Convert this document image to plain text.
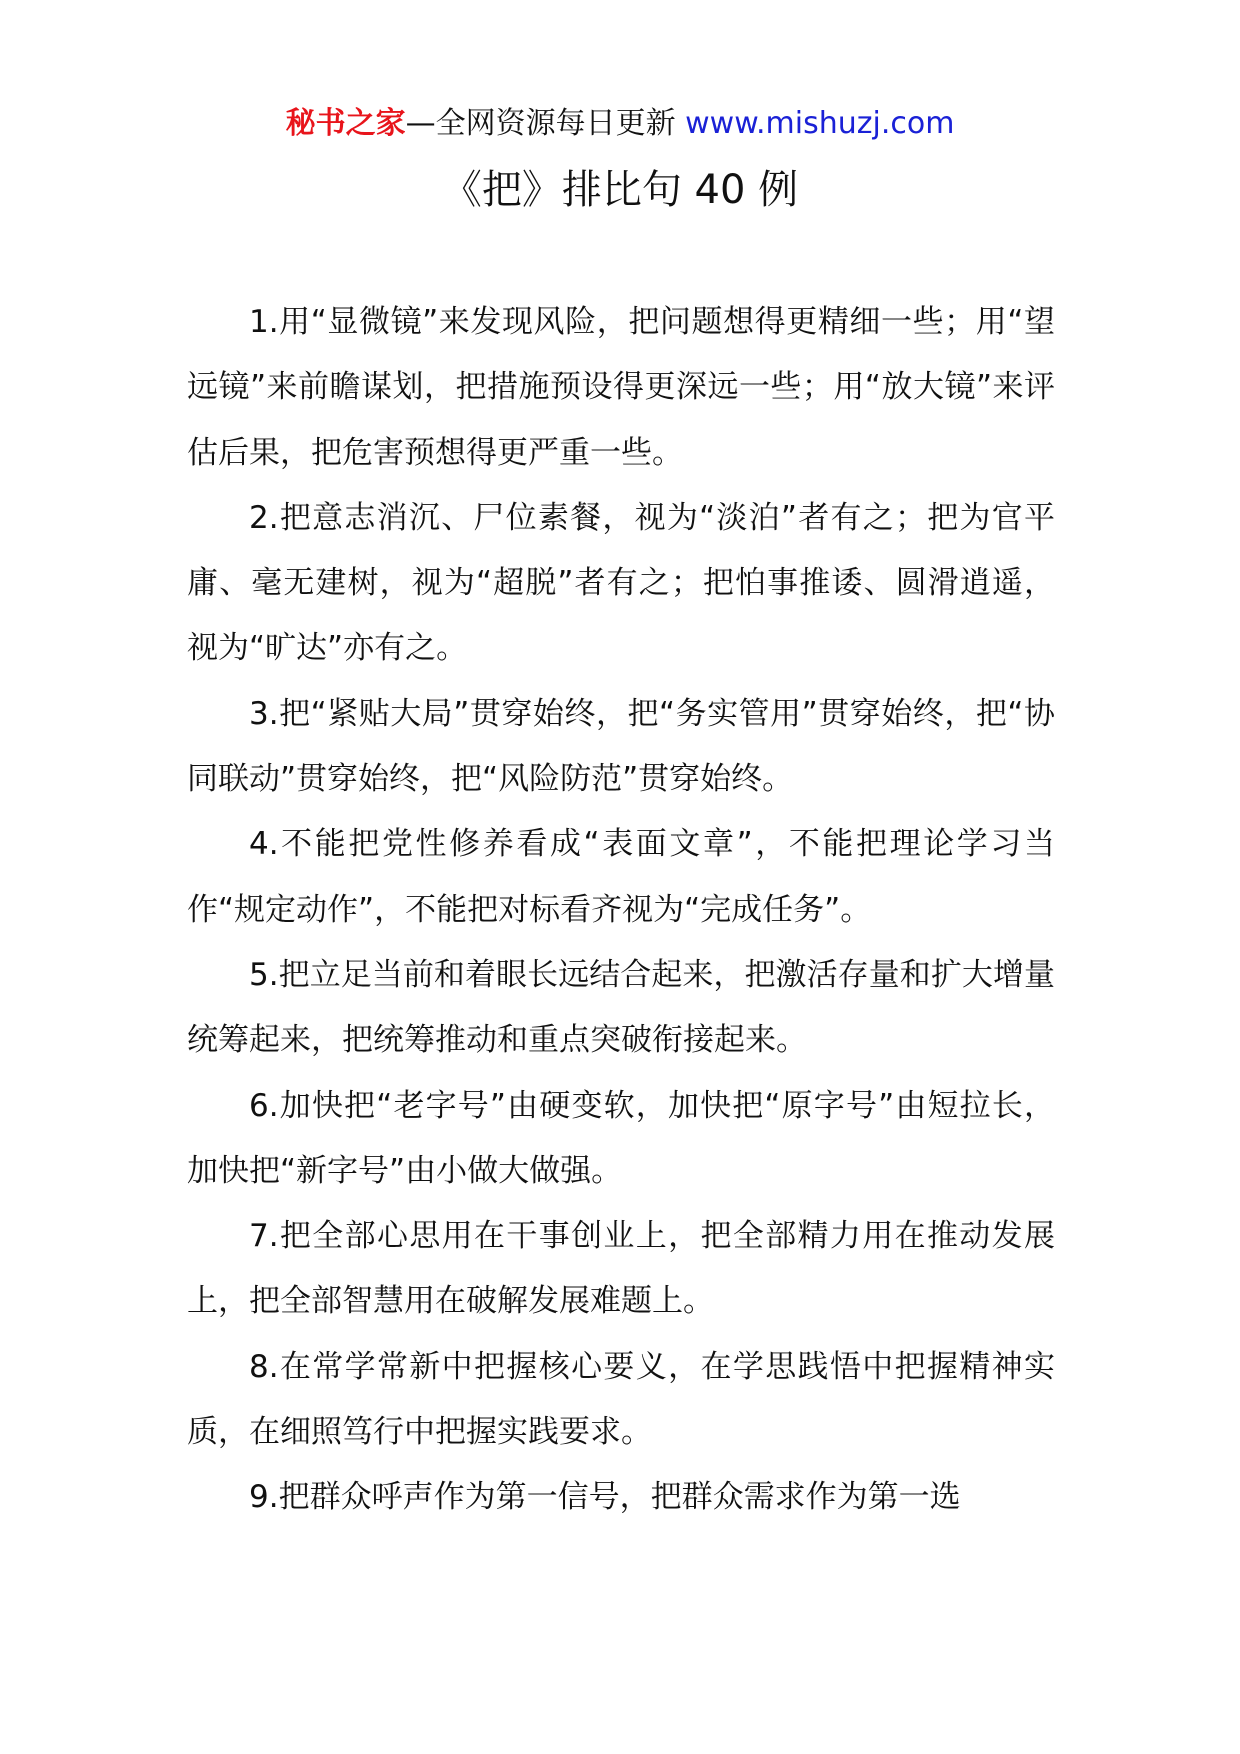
秘书之家—全网资源每日更新 www.mishuzj.com
《把》排比句 40 例

1.用“显微镜”来发现风险，把问题想得更精细一些；用“望远镜”来前瞻谋划，把措施预设得更深远一些；用“放大镜”来评估后果，把危害预想得更严重一些。

2.把意志消沉、尸位素餐，视为“淡泊”者有之；把为官平庸、毫无建树，视为“超脱”者有之；把怕事推诿、圆滑逍遥，视为“旷达”亦有之。

3.把“紧贴大局”贯穿始终，把“务实管用”贯穿始终，把“协同联动”贯穿始终，把“风险防范”贯穿始终。

4.不能把党性修养看成“表面文章”，不能把理论学习当作“规定动作”，不能把对标看齐视为“完成任务”。

5.把立足当前和着眼长远结合起来，把激活存量和扩大增量统筹起来，把统筹推动和重点突破衔接起来。

6.加快把“老字号”由硬变软，加快把“原字号”由短拉长，加快把“新字号”由小做大做强。

7.把全部心思用在干事创业上，把全部精力用在推动发展上，把全部智慧用在破解发展难题上。

8.在常学常新中把握核心要义，在学思践悟中把握精神实质，在细照笃行中把握实践要求。

9.把群众呼声作为第一信号，把群众需求作为第一选
